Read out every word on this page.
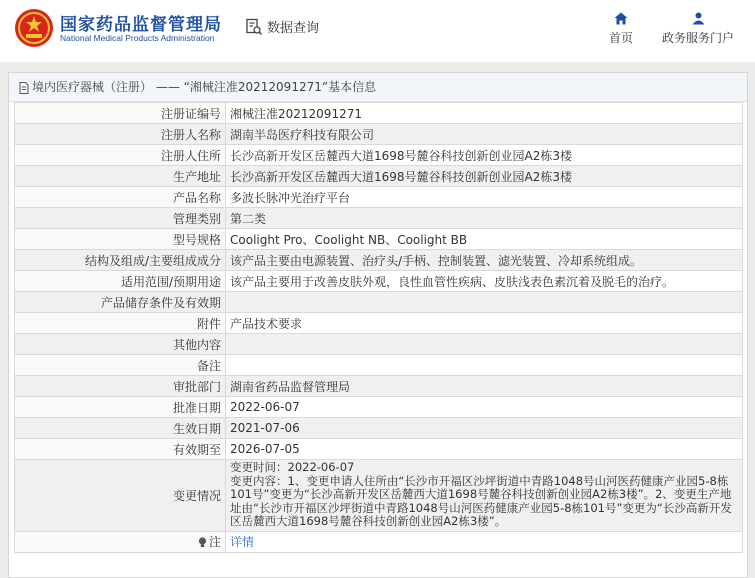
国家药品监督管理局
National Medical Products Administration
数据查询
首页	政务服务门户
境内医疗器械（注册） —— “湘械注准20212091271”基本信息
注册证编号	湘械注准20212091271
注册人名称	湖南半岛医疗科技有限公司
注册人住所	长沙高新开发区岳麓西大道1698号麓谷科技创新创业园A2栋3楼
生产地址	长沙高新开发区岳麓西大道1698号麓谷科技创新创业园A2栋3楼
产品名称	多波长脉冲光治疗平台
管理类别	第二类
型号规格	Coolight Pro、Coolight NB、Coolight BB
结构及组成/主要组成成分	该产品主要由电源装置、治疗头/手柄、控制装置、滤光装置、冷却系统组成。
适用范围/预期用途	该产品主要用于改善皮肤外观，良性血管性疾病、皮肤浅表色素沉着及脱毛的治疗。
产品储存条件及有效期	
附件	产品技术要求
其他内容	
备注	
审批部门	湖南省药品监督管理局
批准日期	2022-06-07
生效日期	2021-07-06
有效期至	2026-07-05
变更情况	变更时间：2022-06-07
变更内容：1、变更申请人住所由“长沙市开福区沙坪街道中青路1048号山河医药健康产业园5-8栋101号”变更为“长沙高新开发区岳麓西大道1698号麓谷科技创新创业园A2栋3楼”。2、变更生产地址由“长沙市开福区沙坪街道中青路1048号山河医药健康产业园5-8栋101号”变更为“长沙高新开发区岳麓西大道1698号麓谷科技创新创业园A2栋3楼”。

注	详情
